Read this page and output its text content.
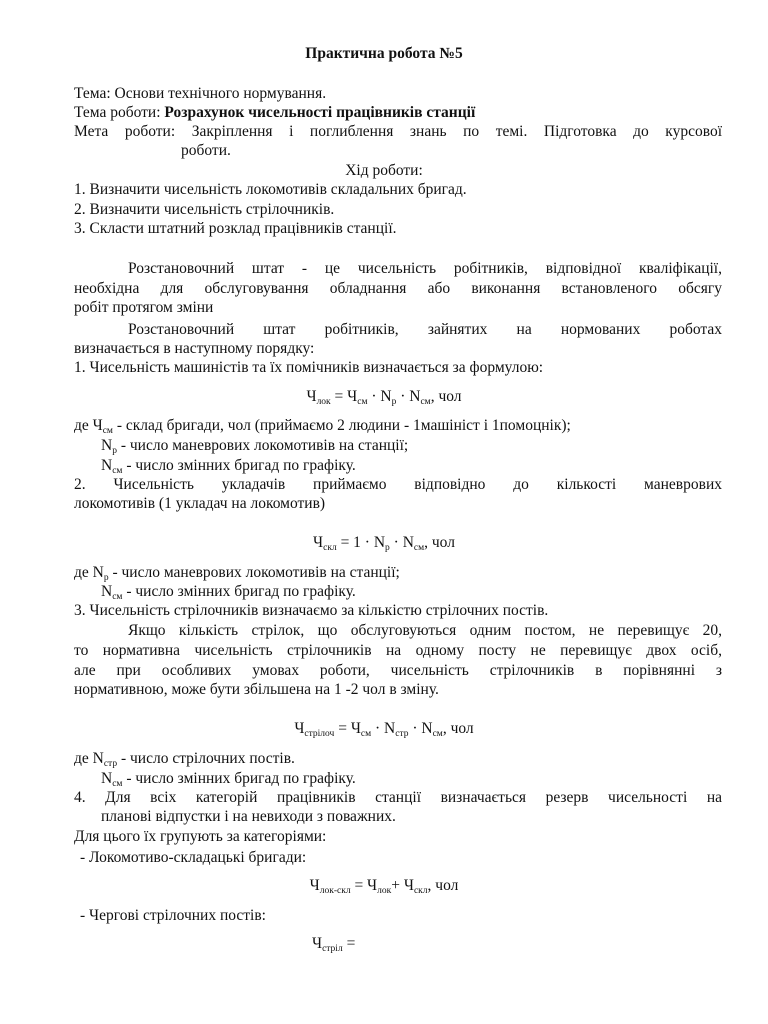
Практична робота №5
Тема: Основи технічного нормування.
Тема роботи: Розрахунок чисельності працівників станції
Мета роботи: Закріплення і поглиблення знань по темі. Підготовка до курсової
роботи.
Хід роботи:
1. Визначити чисельність локомотивів складальних бригад.
2. Визначити чисельність стрілочників.
3. Скласти штатний розклад працівників станції.
Розстановочний штат - це чисельність робітників, відповідної кваліфікації,
необхідна для обслуговування обладнання або виконання встановленого обсягу
робіт протягом зміни
Розстановочний штат робітників, зайнятих на нормованих роботах
визначається в наступному порядку:
1. Чисельність машиністів та їх помічників визначається за формулою:
$Ч_{лок} = Ч_{см} \cdot N_р \cdot N_{см}$, чол
де $Ч_{см}$ - склад бригади, чол (приймаємо 2 людини - 1машініст і 1помоцнік);
$N_р$ - число маневрових локомотивів на станції;
$N_{см}$ - число змінних бригад по графіку.
2. Чисельність укладачів приймаємо відповідно до кількості маневрових
локомотивів (1 укладач на локомотив)
$Ч_{скл} = 1 \cdot N_р \cdot N_{см}$, чол
де $N_р$ - число маневрових локомотивів на станції;
$N_{см}$ - число змінних бригад по графіку.
3. Чисельність стрілочників визначаємо за кількістю стрілочних постів.
Якщо кількість стрілок, що обслуговуються одним постом, не перевищує 20,
то нормативна чисельність стрілочників на одному посту не перевищує двох осіб,
але при особливих умовах роботи, чисельність стрілочників в порівнянні з
нормативною, може бути збільшена на 1 -2 чол в зміну.
$Ч_{стрілоч} = Ч_{см} \cdot N_{стр} \cdot N_{см}$, чол
де $N_{стр}$ - число стрілочних постів.
$N_{см}$ - число змінних бригад по графіку.
4. Для всіх категорій працівників станції визначається резерв чисельності на
планові відпустки і на невиходи з поважних.
Для цього їх групують за категоріями:
- Локомотиво-складацькі бригади:
$Ч_{лок-скл} = Ч_{лок}+ Ч_{скл}$, чол
- Чергові стрілочних постів:
$Ч_{стріл}$ =
